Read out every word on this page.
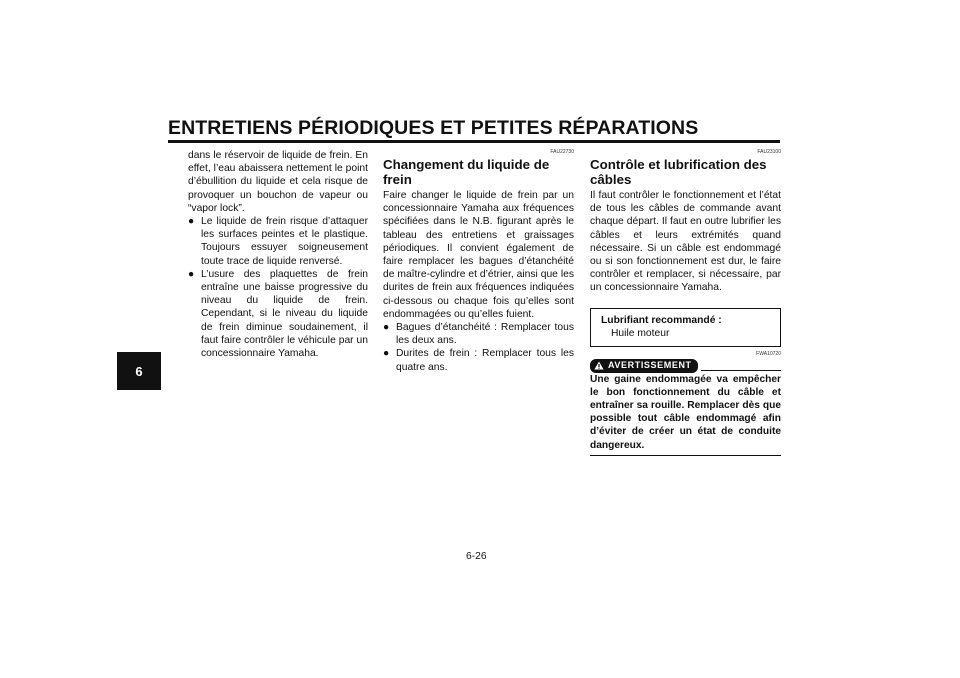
ENTRETIENS PÉRIODIQUES ET PETITES RÉPARATIONS
6

dans le réservoir de liquide de frein. En effet, l’eau abaissera nettement le point d’ébullition du liquide et cela risque de provoquer un bouchon de vapeur ou “vapor lock”.

● Le liquide de frein risque d’attaquer les surfaces peintes et le plastique. Toujours essuyer soigneusement toute trace de liquide renversé.

● L’usure des plaquettes de frein entraîne une baisse progressive du niveau du liquide de frein. Cependant, si le niveau du liquide de frein diminue soudainement, il faut faire contrôler le véhicule par un concessionnaire Yamaha.

FAU22730
Changement du liquide de frein

Faire changer le liquide de frein par un concessionnaire Yamaha aux fréquences spécifiées dans le N.B. figurant après le tableau des entretiens et graissages périodiques. Il convient également de faire remplacer les bagues d’étanchéité de maître-cylindre et d’étrier, ainsi que les durites de frein aux fréquences indiquées ci-dessous ou chaque fois qu’elles sont endommagées ou qu’elles fuient.

● Bagues d’étanchéité : Remplacer tous les deux ans.

● Durites de frein : Remplacer tous les quatre ans.

FAU23100
Contrôle et lubrification des câbles

Il faut contrôler le fonctionnement et l’état de tous les câbles de commande avant chaque départ. Il faut en outre lubrifier les câbles et leurs extrémités quand nécessaire. Si un câble est endommagé ou si son fonctionnement est dur, le faire contrôler et remplacer, si nécessaire, par un concessionnaire Yamaha.

Lubrifiant recommandé :
Huile moteur
FWA10720
AVERTISSEMENT

Une gaine endommagée va empêcher le bon fonctionnement du câble et entraîner sa rouille. Remplacer dès que possible tout câble endommagé afin d’éviter de créer un état de conduite dangereux.

6-26
